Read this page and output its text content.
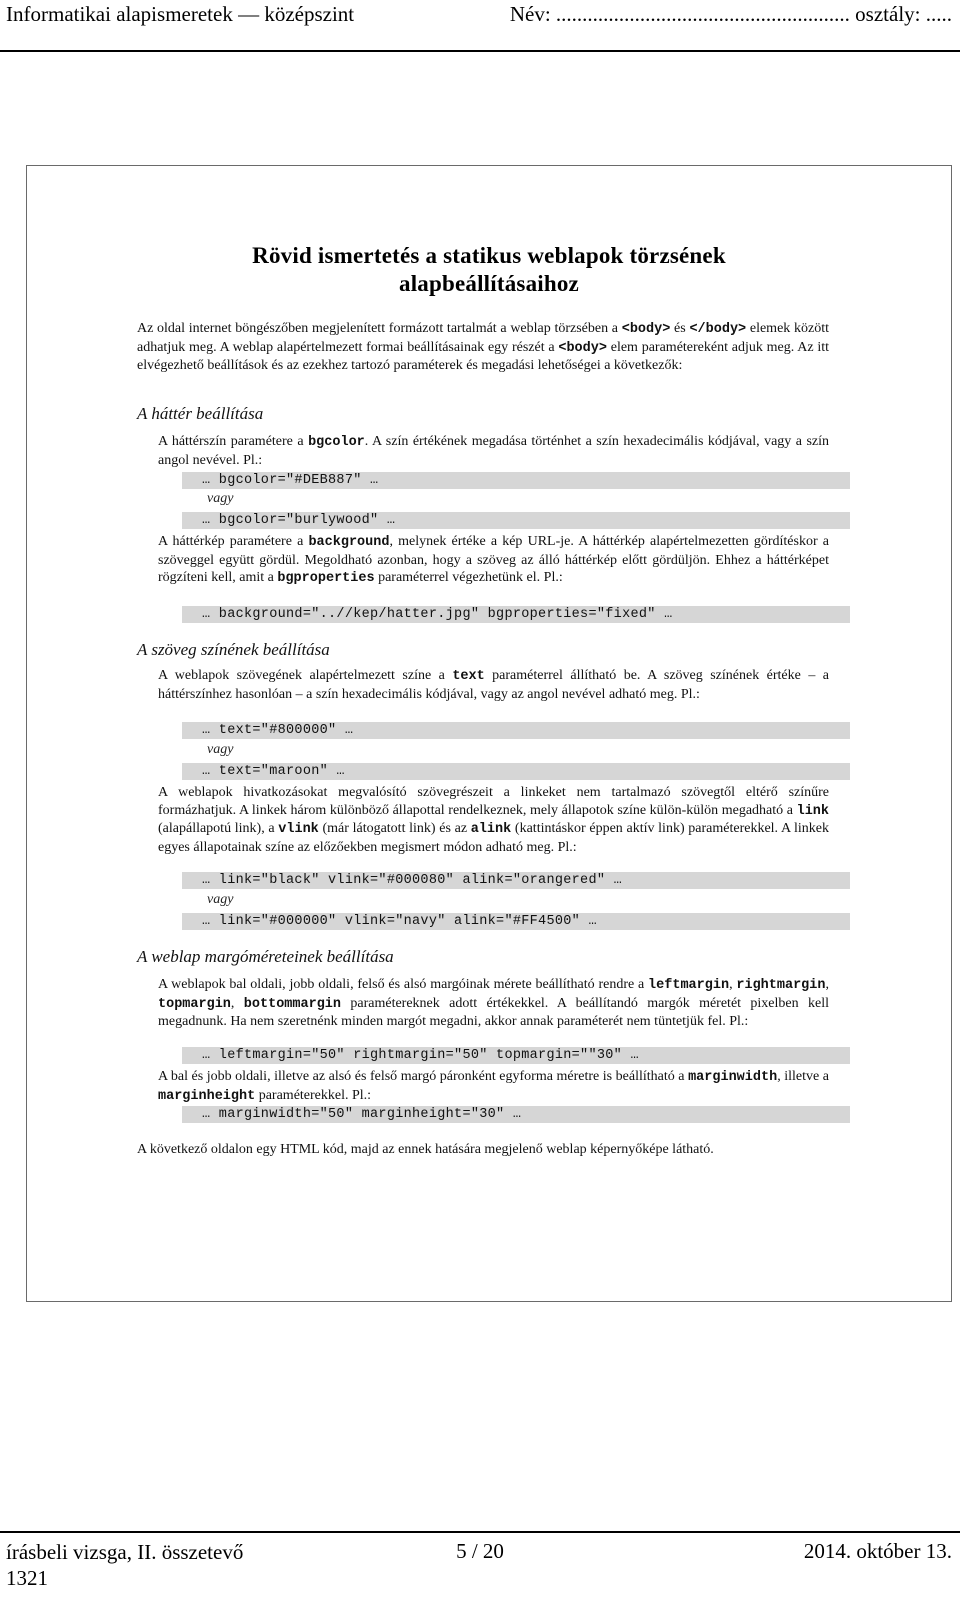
Informatikai alapismeretek — középszint	Név: ........................................................ osztály: .....
Rövid ismertetés a statikus weblapok törzsének
alapbeállításaihoz
Az oldal internet böngészőben megjelenített formázott tartalmát a weblap törzsében a <body> és </body> elemek között adhatjuk meg. A weblap alapértelmezett formai beállításainak egy részét a <body> elem paramétereként adjuk meg. Az itt elvégezhető beállítások és az ezekhez tartozó paraméterek és megadási lehetőségei a következők:
A háttér beállítása
A háttérszín paramétere a bgcolor. A szín értékének megadása történhet a szín hexadecimális kódjával, vagy a szín angol nevével. Pl.:
… bgcolor=″#DEB887″ …
vagy
… bgcolor=″burlywood″ …
A háttérkép paramétere a background, melynek értéke a kép URL-je. A háttérkép alapértelmezetten gördítéskor a szöveggel együtt gördül. Megoldható azonban, hogy a szöveg az álló háttérkép előtt gördüljön. Ehhez a háttérképet rögzíteni kell, amit a bgproperties paraméterrel végezhetünk el. Pl.:
… background=″..//kep/hatter.jpg″ bgproperties=″fixed″ …
A szöveg színének beállítása
A weblapok szövegének alapértelmezett színe a text paraméterrel állítható be. A szöveg színének értéke – a háttérszínhez hasonlóan – a szín hexadecimális kódjával, vagy az angol nevével adható meg. Pl.:
… text=″#800000″ …
vagy
… text=″maroon″ …
A weblapok hivatkozásokat megvalósító szövegrészeit a linkeket nem tartalmazó szövegtől eltérő színűre formázhatjuk. A linkek három különböző állapottal rendelkeznek, mely állapotok színe külön-külön megadható a link (alapállapotú link), a vlink (már látogatott link) és az alink (kattintáskor éppen aktív link) paraméterekkel. A linkek egyes állapotainak színe az előzőekben megismert módon adható meg. Pl.:
… link=″black″ vlink=″#000080″ alink=″orangered″ …
vagy
… link=″#000000″ vlink=″navy″ alink=″#FF4500″ …
A weblap margóméreteinek beállítása
A weblapok bal oldali, jobb oldali, felső és alsó margóinak mérete beállítható rendre a leftmargin, rightmargin, topmargin, bottommargin paramétereknek adott értékekkel. A beállítandó margók méretét pixelben kell megadnunk. Ha nem szeretnénk minden margót megadni, akkor annak paraméterét nem tüntetjük fel. Pl.:
… leftmargin=″50″ rightmargin=″50″ topmargin=″″30″ …
A bal és jobb oldali, illetve az alsó és felső margó páronként egyforma méretre is beállítható a marginwidth, illetve a marginheight paraméterekkel. Pl.:
… marginwidth=″50″ marginheight=″30″ …
A következő oldalon egy HTML kód, majd az ennek hatására megjelenő weblap képernyőképe látható.
írásbeli vizsga, II. összetevő
1321
5 / 20	2014. október 13.
